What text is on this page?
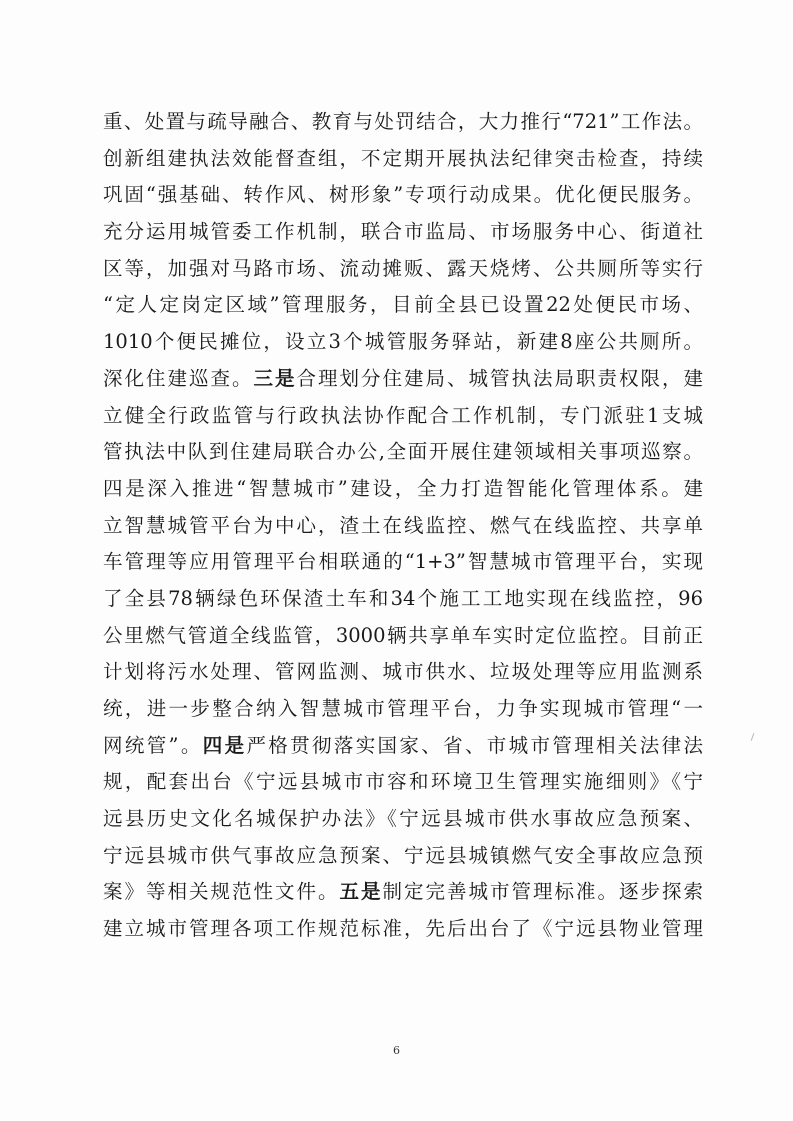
重、处置与疏导融合、教育与处罚结合，大力推行“721”工作法。
创新组建执法效能督查组，不定期开展执法纪律突击检查，持续
巩固“强基础、转作风、树形象”专项行动成果。优化便民服务。
充分运用城管委工作机制，联合市监局、市场服务中心、街道社
区等，加强对马路市场、流动摊贩、露天烧烤、公共厕所等实行
“定人定岗定区域”管理服务，目前全县已设置22处便民市场、
1010个便民摊位，设立3个城管服务驿站，新建8座公共厕所。
深化住建巡查。三是合理划分住建局、城管执法局职责权限，建
立健全行政监管与行政执法协作配合工作机制，专门派驻1支城
管执法中队到住建局联合办公,全面开展住建领域相关事项巡察。
四是深入推进“智慧城市”建设，全力打造智能化管理体系。建
立智慧城管平台为中心，渣土在线监控、燃气在线监控、共享单
车管理等应用管理平台相联通的“1+3”智慧城市管理平台，实现
了全县78辆绿色环保渣土车和34个施工工地实现在线监控，96
公里燃气管道全线监管，3000辆共享单车实时定位监控。目前正
计划将污水处理、管网监测、城市供水、垃圾处理等应用监测系
统，进一步整合纳入智慧城市管理平台，力争实现城市管理“一
网统管”。四是严格贯彻落实国家、省、市城市管理相关法律法
规，配套出台《宁远县城市市容和环境卫生管理实施细则》《宁
远县历史文化名城保护办法》《宁远县城市供水事故应急预案、
宁远县城市供气事故应急预案、宁远县城镇燃气安全事故应急预
案》等相关规范性文件。五是制定完善城市管理标准。逐步探索
建立城市管理各项工作规范标准，先后出台了《宁远县物业管理
6
